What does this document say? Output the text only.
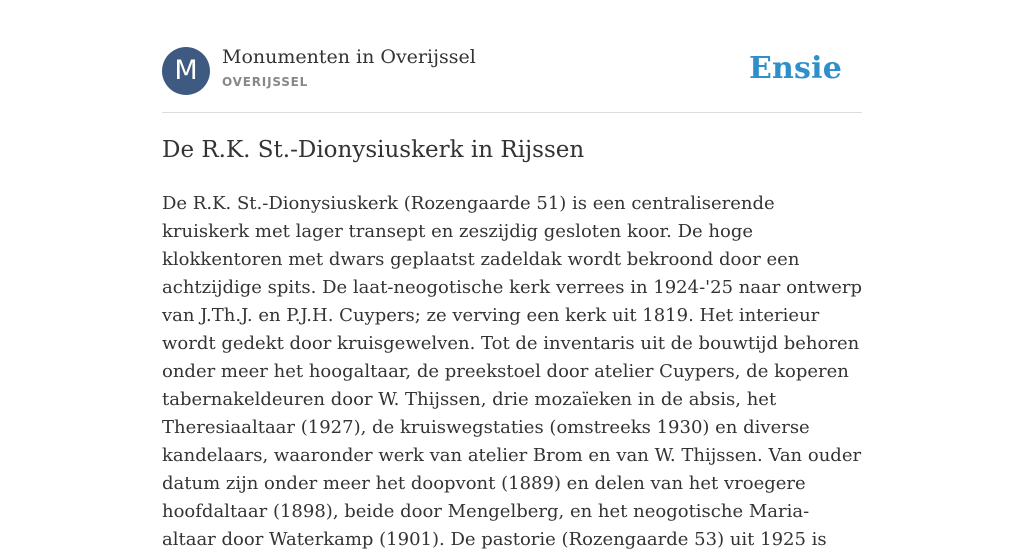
M	Monumenten in Overijssel
OVERIJSSEL	Ensie
De R.K. St.-Dionysiuskerk in Rijssen

De R.K. St.-Dionysiuskerk (Rozengaarde 51) is een centraliserende kruiskerk met lager transept en zeszijdig gesloten koor. De hoge klokkentoren met dwars geplaatst zadeldak wordt bekroond door een achtzijdige spits. De laat-neogotische kerk verrees in 1924-'25 naar ontwerp van J.Th.J. en P.J.H. Cuypers; ze verving een kerk uit 1819. Het interieur wordt gedekt door kruisgewelven. Tot de inventaris uit de bouwtijd behoren onder meer het hoogaltaar, de preekstoel door atelier Cuypers, de koperen tabernakeldeuren door W. Thijssen, drie mozaïeken in de absis, het Theresiaaltaar (1927), de kruiswegstaties (omstreeks 1930) en diverse kandelaars, waaronder werk van atelier Brom en van W. Thijssen. Van ouder datum zijn onder meer het doopvont (1889) en delen van het vroegere hoofdaltaar (1898), beide door Mengelberg, en het neogotische Maria-altaar door Waterkamp (1901). De pastorie (Rozengaarde 53) uit 1925 is
